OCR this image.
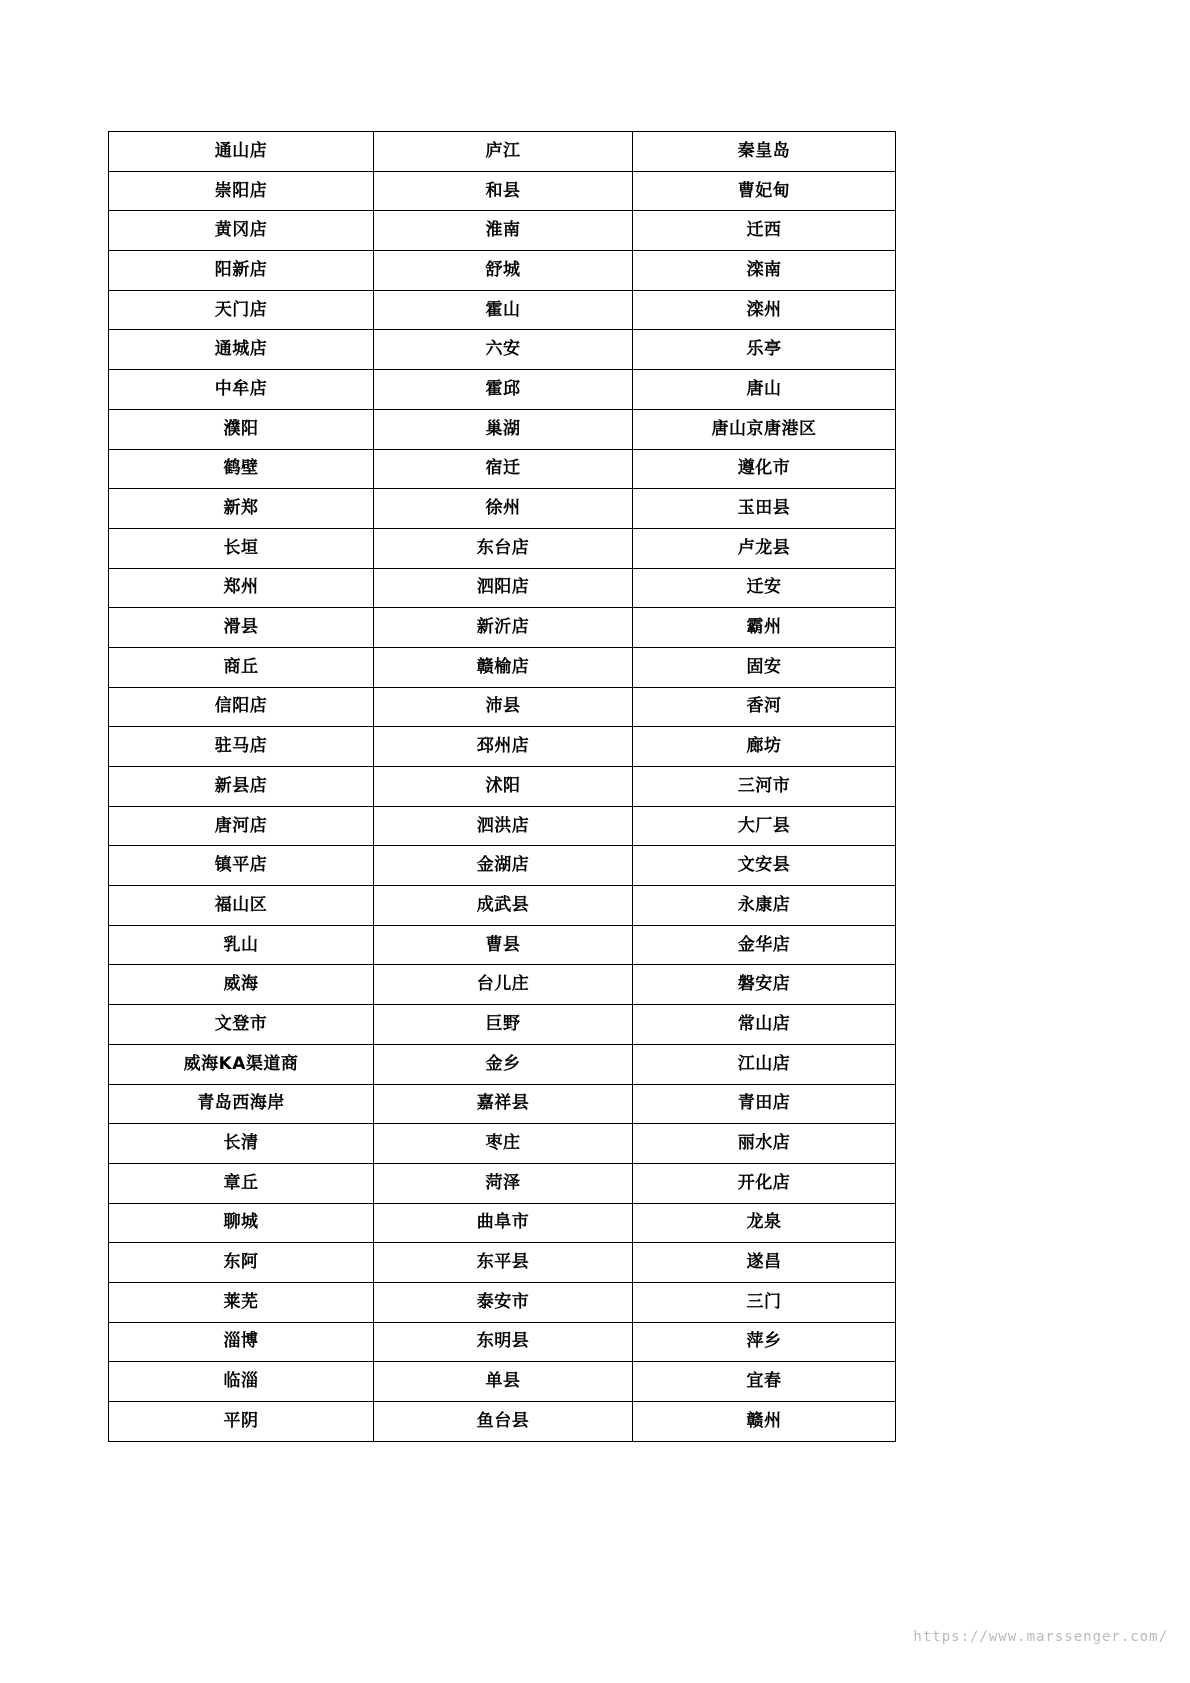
通山店	庐江	秦皇岛
崇阳店	和县	曹妃甸
黄冈店	淮南	迁西
阳新店	舒城	滦南
天门店	霍山	滦州
通城店	六安	乐亭
中牟店	霍邱	唐山
濮阳	巢湖	唐山京唐港区
鹤壁	宿迁	遵化市
新郑	徐州	玉田县
长垣	东台店	卢龙县
郑州	泗阳店	迁安
滑县	新沂店	霸州
商丘	赣榆店	固安
信阳店	沛县	香河
驻马店	邳州店	廊坊
新县店	沭阳	三河市
唐河店	泗洪店	大厂县
镇平店	金湖店	文安县
福山区	成武县	永康店
乳山	曹县	金华店
威海	台儿庄	磐安店
文登市	巨野	常山店
威海KA渠道商	金乡	江山店
青岛西海岸	嘉祥县	青田店
长清	枣庄	丽水店
章丘	菏泽	开化店
聊城	曲阜市	龙泉
东阿	东平县	遂昌
莱芜	泰安市	三门
淄博	东明县	萍乡
临淄	单县	宜春
平阴	鱼台县	赣州
https://www.marssenger.com/
